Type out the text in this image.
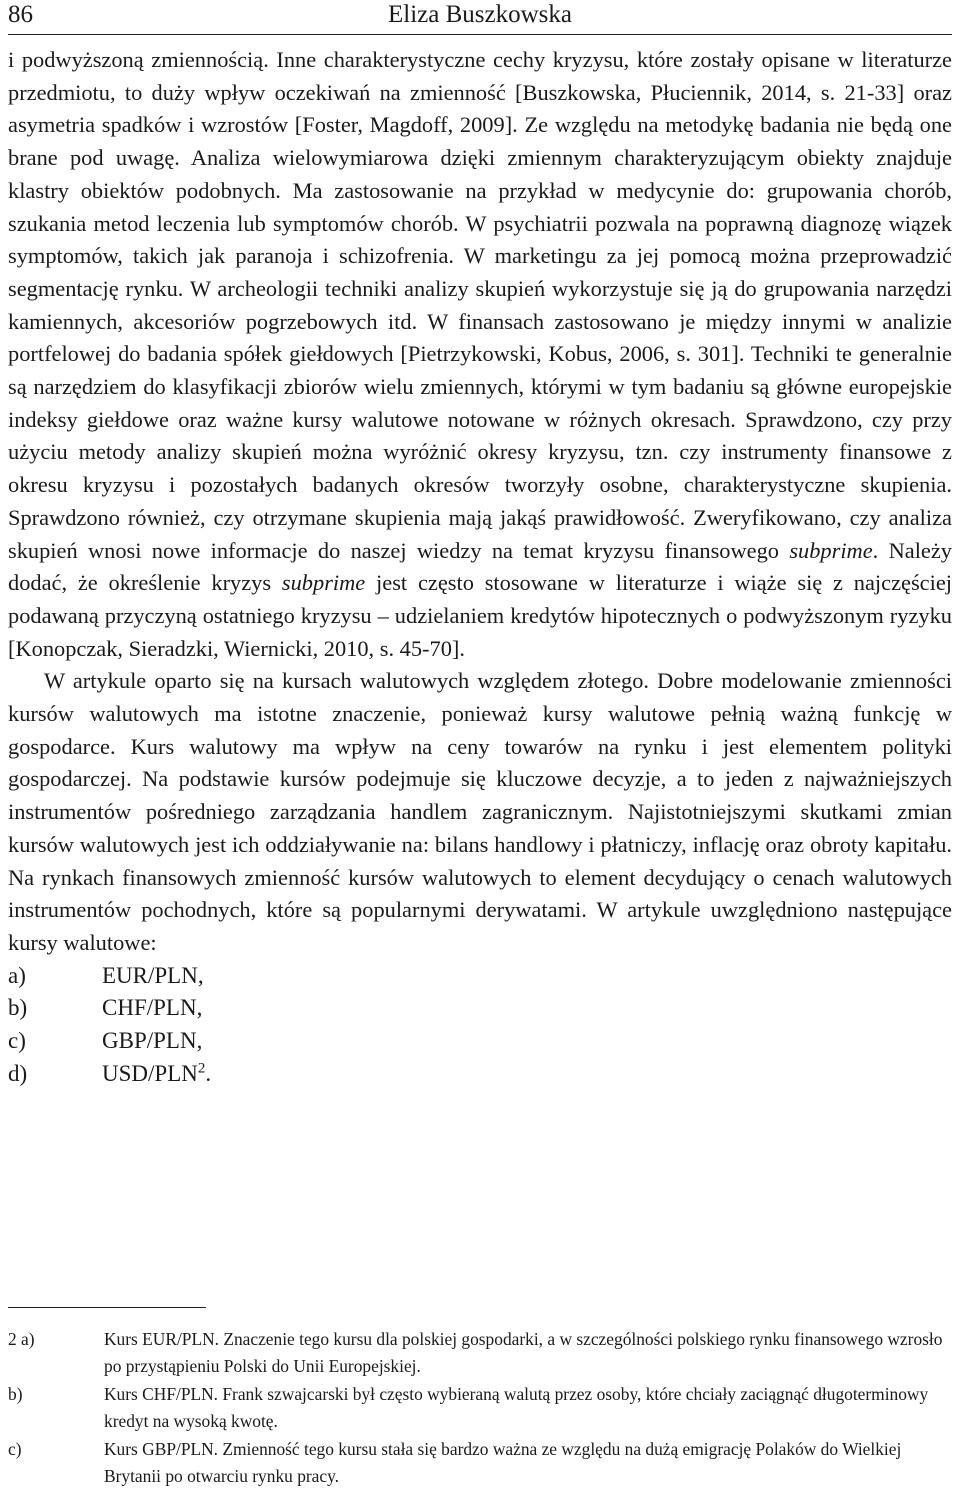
86	Eliza Buszkowska

i podwyższoną zmiennością. Inne charakterystyczne cechy kryzysu, które zostały opisane w literaturze przedmiotu, to duży wpływ oczekiwań na zmienność [Buszkowska, Płuciennik, 2014, s. 21-33] oraz asymetria spadków i wzrostów [Foster, Magdoff, 2009]. Ze względu na metodykę badania nie będą one brane pod uwagę. Analiza wielowymiarowa dzięki zmiennym charakteryzującym obiekty znajduje klastry obiektów podobnych. Ma zastosowanie na przykład w medycynie do: grupowania chorób, szukania metod leczenia lub symptomów chorób. W psychiatrii pozwala na poprawną diagnozę wiązek symptomów, takich jak paranoja i schizofrenia. W marketingu za jej pomocą można przeprowadzić segmentację rynku. W archeologii techniki analizy skupień wykorzystuje się ją do grupowania narzędzi kamiennych, akcesoriów pogrzebowych itd. W finansach zastosowano je między innymi w analizie portfelowej do badania spółek giełdowych [Pietrzykowski, Kobus, 2006, s. 301]. Techniki te generalnie są narzędziem do klasyfikacji zbiorów wielu zmiennych, którymi w tym badaniu są główne europejskie indeksy giełdowe oraz ważne kursy walutowe notowane w różnych okresach. Sprawdzono, czy przy użyciu metody analizy skupień można wyróżnić okresy kryzysu, tzn. czy instrumenty finansowe z okresu kryzysu i pozostałych badanych okresów tworzyły osobne, charakterystyczne skupienia. Sprawdzono również, czy otrzymane skupienia mają jakąś prawidłowość. Zweryfikowano, czy analiza skupień wnosi nowe informacje do naszej wiedzy na temat kryzysu finansowego subprime. Należy dodać, że określenie kryzys subprime jest często stosowane w literaturze i wiąże się z najczęściej podawaną przyczyną ostatniego kryzysu – udzielaniem kredytów hipotecznych o podwyższonym ryzyku [Konopczak, Sieradzki, Wiernicki, 2010, s. 45-70].

W artykule oparto się na kursach walutowych względem złotego. Dobre modelowanie zmienności kursów walutowych ma istotne znaczenie, ponieważ kursy walutowe pełnią ważną funkcję w gospodarce. Kurs walutowy ma wpływ na ceny towarów na rynku i jest elementem polityki gospodarczej. Na podstawie kursów podejmuje się kluczowe decyzje, a to jeden z najważniejszych instrumentów pośredniego zarządzania handlem zagranicznym. Najistotniejszymi skutkami zmian kursów walutowych jest ich oddziaływanie na: bilans handlowy i płatniczy, inflację oraz obroty kapitału. Na rynkach finansowych zmienność kursów walutowych to element decydujący o cenach walutowych instrumentów pochodnych, które są popularnymi derywatami. W artykule uwzględniono następujące kursy walutowe:

a)	EUR/PLN,
b)	CHF/PLN,
c)	GBP/PLN,
d)	USD/PLN$^2$.
2 a)	Kurs EUR/PLN. Znaczenie tego kursu dla polskiej gospodarki, a w szczególności polskiego rynku finansowego wzrosło po przystąpieniu Polski do Unii Europejskiej.
b)	Kurs CHF/PLN. Frank szwajcarski był często wybieraną walutą przez osoby, które chciały zaciągnąć długoterminowy kredyt na wysoką kwotę.
c)	Kurs GBP/PLN. Zmienność tego kursu stała się bardzo ważna ze względu na dużą emigrację Polaków do Wielkiej Brytanii po otwarciu rynku pracy.
